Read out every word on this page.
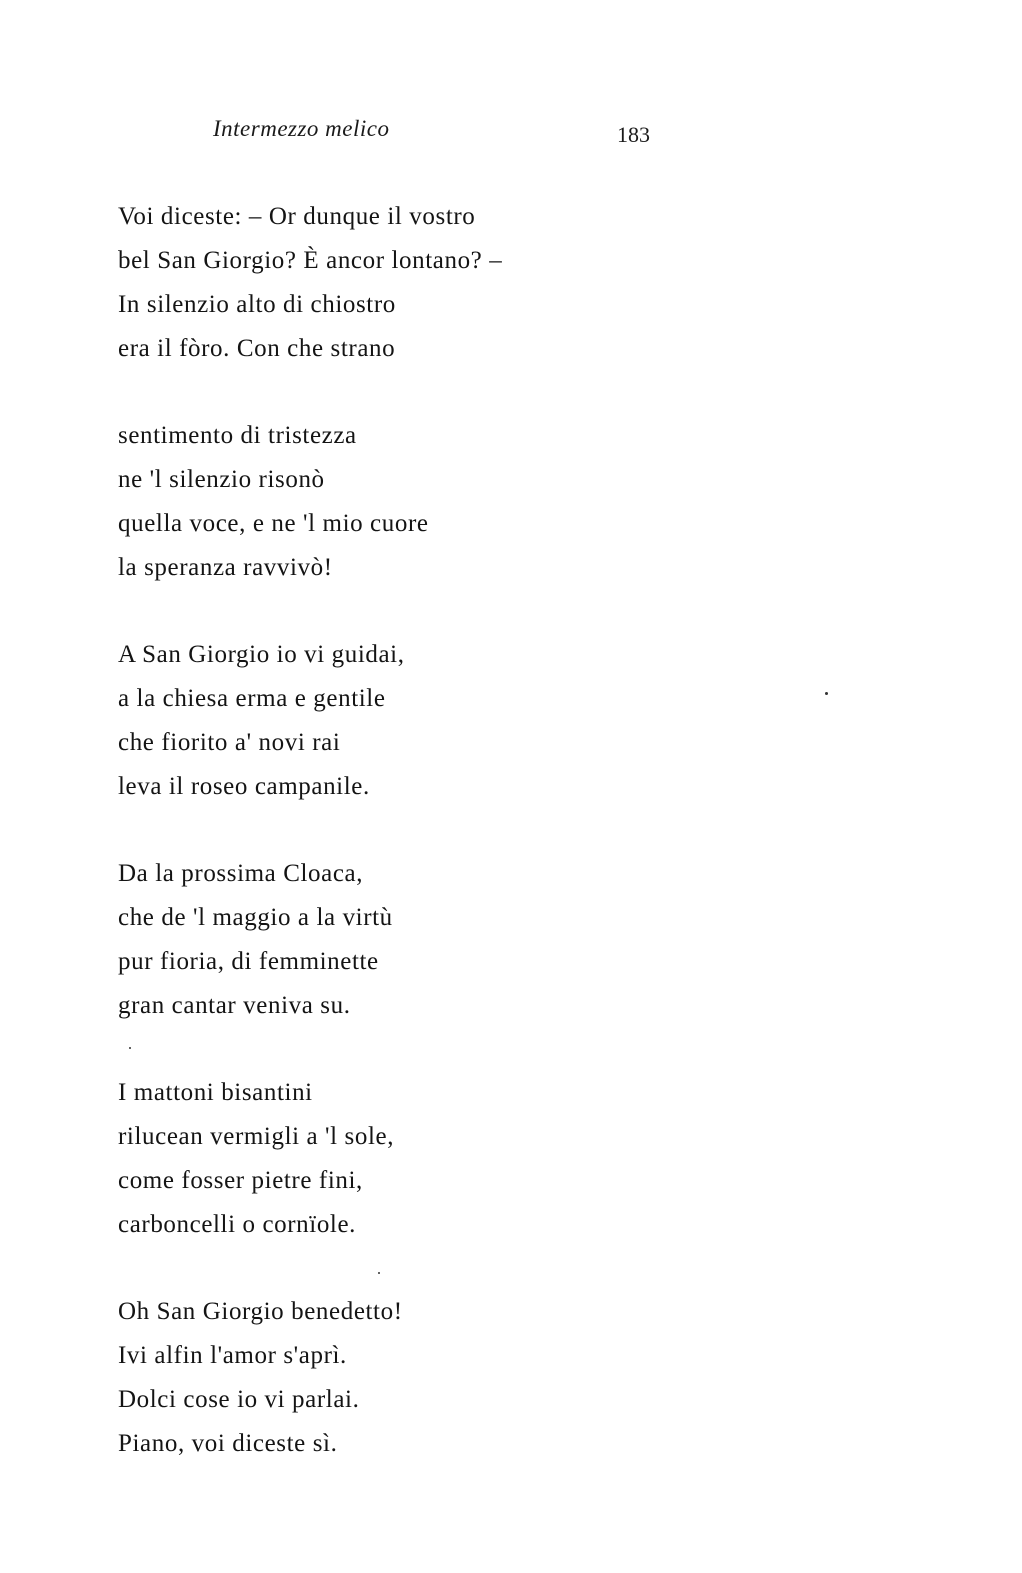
Intermezzo melico	183
Voi diceste: – Or dunque il vostro
bel San Giorgio? È ancor lontano? –
In silenzio alto di chiostro
era il fòro. Con che strano
sentimento di tristezza
ne 'l silenzio risonò
quella voce, e ne 'l mio cuore
la speranza ravvivò!
A San Giorgio io vi guidai,
a la chiesa erma e gentile
che fiorito a' novi rai
leva il roseo campanile.
Da la prossima Cloaca,
che de 'l maggio a la virtù
pur fioria, di femminette
gran cantar veniva su.
I mattoni bisantini
rilucean vermigli a 'l sole,
come fosser pietre fini,
carboncelli o cornïole.
Oh San Giorgio benedetto!
Ivi alfin l'amor s'aprì.
Dolci cose io vi parlai.
Piano, voi diceste sì.
